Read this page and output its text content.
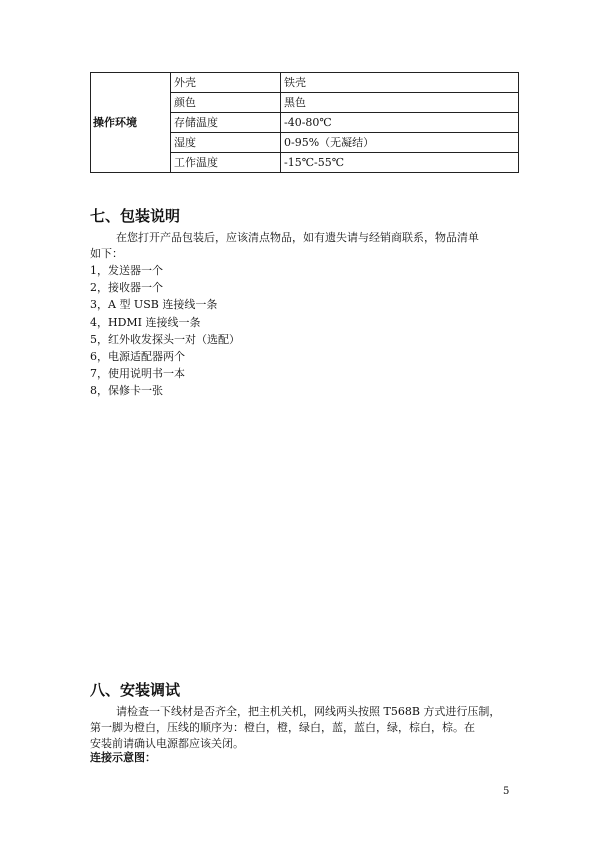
操作环境	外壳	铁壳
	颜色	黑色
	存储温度	-40-80℃
	湿度	0-95%（无凝结）
	工作温度	-15℃-55℃
七、包装说明

在您打开产品包装后，应该清点物品，如有遗失请与经销商联系，物品清单

如下：

1，发送器一个
2，接收器一个
3，A 型 USB 连接线一条
4，HDMI 连接线一条
5，红外收发探头一对（选配）
6，电源适配器两个
7，使用说明书一本
8，保修卡一张
八、安装调试

请检查一下线材是否齐全，把主机关机，网线两头按照 T568B 方式进行压制，

第一脚为橙白，压线的顺序为：橙白，橙，绿白，蓝，蓝白，绿，棕白，棕。在

安装前请确认电源都应该关闭。

连接示意图：

5
